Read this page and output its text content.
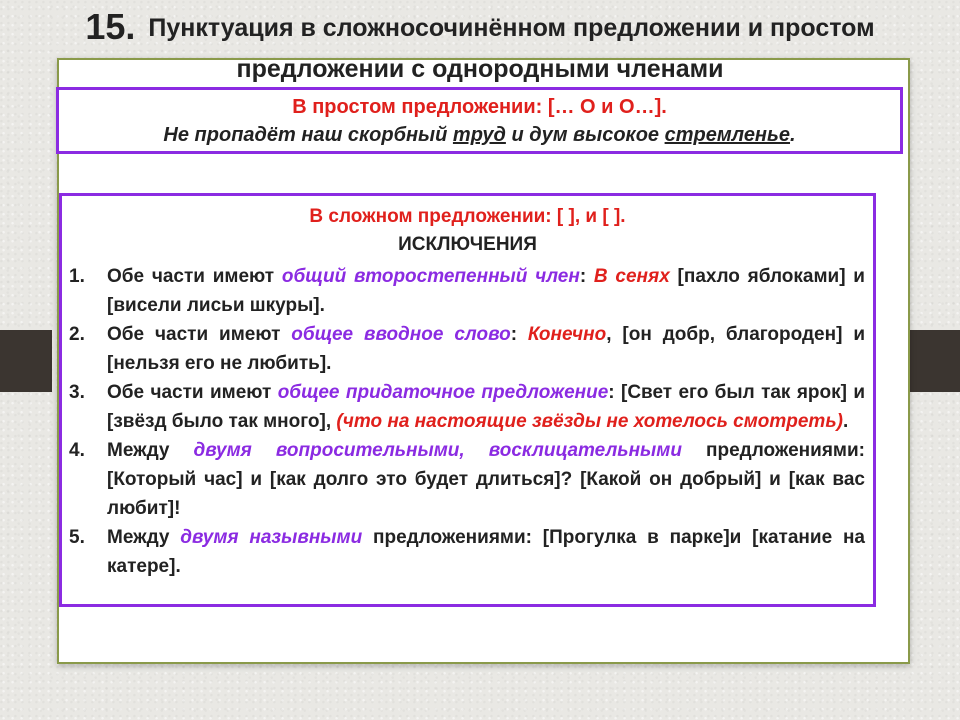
15. Пунктуация в сложносочинённом предложении и простом
предложении с однородными членами
В простом предложении: [… О и О…].
Не пропадёт наш скорбный труд и дум высокое стремленье.
В сложном предложении: [ ], и [ ].
ИСКЛЮЧЕНИЯ
1.	Обе части имеют общий второстепенный член: В сенях [пахло яблоками] и [висели лисьи шкуры].
2.	Обе части имеют общее вводное слово: Конечно, [он добр, благороден] и [нельзя его не любить].
3.	Обе части имеют общее придаточное предложение: [Свет его был так ярок] и [звёзд было так много], (что на настоящие звёзды не хотелось смотреть).
4.	Между двумя вопросительными, восклицательными предложениями: [Который час] и [как долго это будет длиться]? [Какой он добрый] и [как вас любит]!
5.	Между двумя назывными предложениями: [Прогулка в парке]и [катание на катере].
